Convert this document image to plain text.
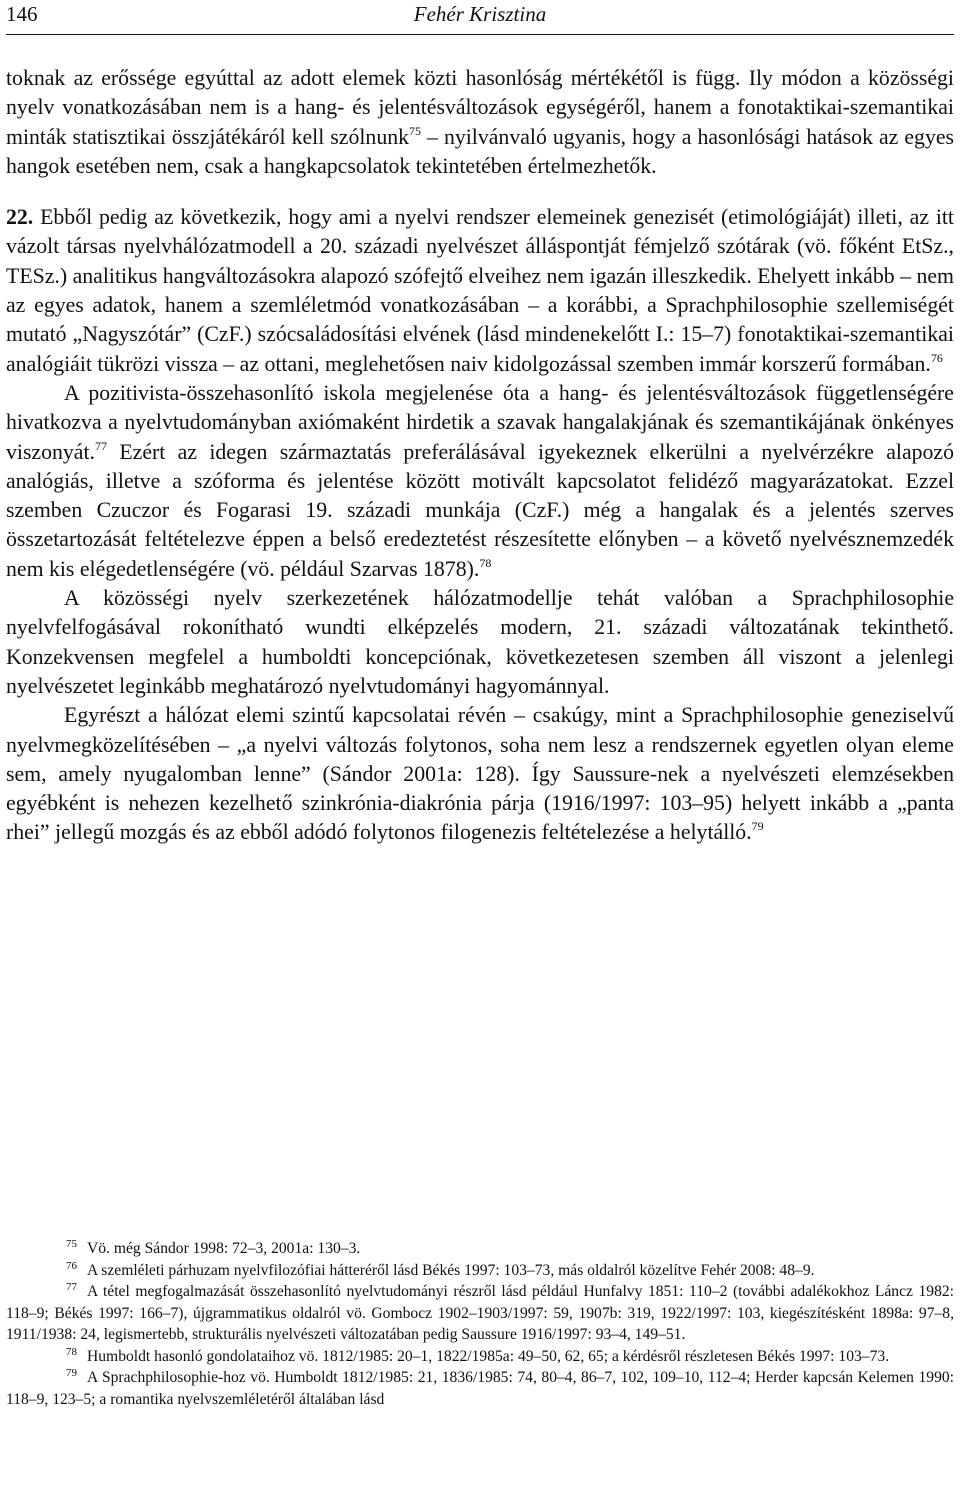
146	Fehér Krisztina

toknak az erőssége egyúttal az adott elemek közti hasonlóság mértékétől is függ. Ily módon a közösségi nyelv vonatkozásában nem is a hang- és jelentésváltozások egységéről, hanem a fonotaktikai-szemantikai minták statisztikai összjátékáról kell szólnunk$^{75}$ – nyilvánvaló ugyanis, hogy a hasonlósági hatások az egyes hangok esetében nem, csak a hangkapcsolatok tekintetében értelmezhetők.

22. Ebből pedig az következik, hogy ami a nyelvi rendszer elemeinek genezisét (etimológiáját) illeti, az itt vázolt társas nyelvhálózatmodell a 20. századi nyelvészet álláspontját fémjelző szótárak (vö. főként EtSz., TESz.) analitikus hangváltozásokra alapozó szófejtő elveihez nem igazán illeszkedik. Ehelyett inkább – nem az egyes adatok, hanem a szemléletmód vonatkozásában – a korábbi, a Sprachphilosophie szellemiségét mutató „Nagyszótár” (CzF.) szócsaládosítási elvének (lásd mindenekelőtt I.: 15–7) fonotaktikai-szemantikai analógiáit tükrözi vissza – az ottani, meglehetősen naiv kidolgozással szemben immár korszerű formában.$^{76}$

A pozitivista-összehasonlító iskola megjelenése óta a hang- és jelentésváltozások függetlenségére hivatkozva a nyelvtudományban axiómaként hirdetik a szavak hangalakjának és szemantikájának önkényes viszonyát.$^{77}$ Ezért az idegen származtatás preferálásával igyekeznek elkerülni a nyelvérzékre alapozó analógiás, illetve a szóforma és jelentése között motivált kapcsolatot felidéző magyarázatokat. Ezzel szemben Czuczor és Fogarasi 19. századi munkája (CzF.) még a hangalak és a jelentés szerves összetartozását feltételezve éppen a belső eredeztetést részesítette előnyben – a követő nyelvésznemzedék nem kis elégedetlenségére (vö. például Szarvas 1878).$^{78}$

A közösségi nyelv szerkezetének hálózatmodellje tehát valóban a Sprachphilosophie nyelvfelfogásával rokonítható wundti elképzelés modern, 21. századi változatának tekinthető. Konzekvensen megfelel a humboldti koncepciónak, következetesen szemben áll viszont a jelenlegi nyelvészetet leginkább meghatározó nyelvtudományi hagyománnyal.

Egyrészt a hálózat elemi szintű kapcsolatai révén – csakúgy, mint a Sprachphilosophie geneziselvű nyelvmegközelítésében – „a nyelvi változás folytonos, soha nem lesz a rendszernek egyetlen olyan eleme sem, amely nyugalomban lenne” (Sándor 2001a: 128). Így Saussure-nek a nyelvészeti elemzésekben egyébként is nehezen kezelhető szinkrónia-diakrónia párja (1916/1997: 103–95) helyett inkább a „panta rhei” jellegű mozgás és az ebből adódó folytonos filogenezis feltételezése a helytálló.$^{79}$

$^{75}$ Vö. még Sándor 1998: 72–3, 2001a: 130–3.

$^{76}$ A szemléleti párhuzam nyelvfilozófiai hátteréről lásd Békés 1997: 103–73, más oldalról közelítve Fehér 2008: 48–9.

$^{77}$ A tétel megfogalmazását összehasonlító nyelvtudományi részről lásd például Hunfalvy 1851: 110–2 (további adalékokhoz Láncz 1982: 118–9; Békés 1997: 166–7), újgrammatikus oldalról vö. Gombocz 1902–1903/1997: 59, 1907b: 319, 1922/1997: 103, kiegészítésként 1898a: 97–8, 1911/1938: 24, legismertebb, strukturális nyelvészeti változatában pedig Saussure 1916/1997: 93–4, 149–51.

$^{78}$ Humboldt hasonló gondolataihoz vö. 1812/1985: 20–1, 1822/1985a: 49–50, 62, 65; a kérdésről részletesen Békés 1997: 103–73.

$^{79}$ A Sprachphilosophie-hoz vö. Humboldt 1812/1985: 21, 1836/1985: 74, 80–4, 86–7, 102, 109–10, 112–4; Herder kapcsán Kelemen 1990: 118–9, 123–5; a romantika nyelvszemléletéről általában lásd
